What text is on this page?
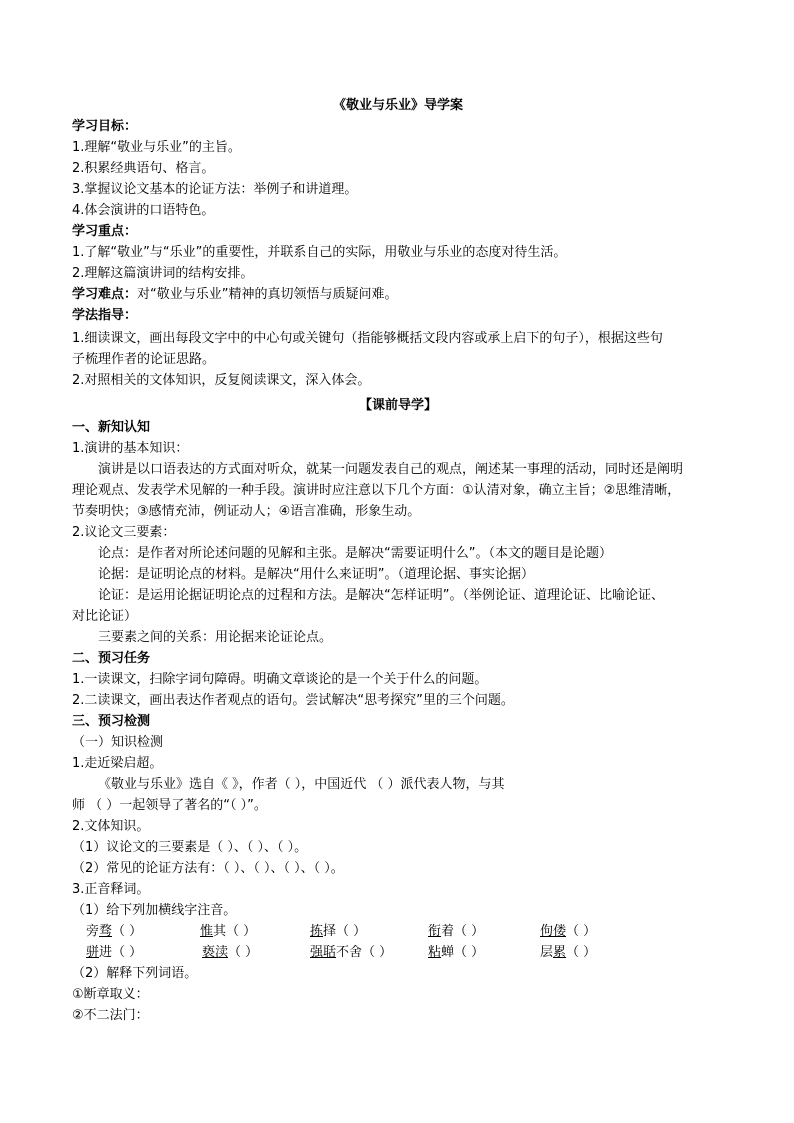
《敬业与乐业》导学案
学习目标：
1.理解“敬业与乐业”的主旨。
2.积累经典语句、格言。
3.掌握议论文基本的论证方法：举例子和讲道理。
4.体会演讲的口语特色。
学习重点：
1.了解“敬业”与“乐业”的重要性，并联系自己的实际，用敬业与乐业的态度对待生活。
2.理解这篇演讲词的结构安排。
学习难点：对“敬业与乐业”精神的真切领悟与质疑问难。
学法指导：
1.细读课文，画出每段文字中的中心句或关键句（指能够概括文段内容或承上启下的句子），根据这些句
子梳理作者的论证思路。
2.对照相关的文体知识，反复阅读课文，深入体会。
【课前导学】
一、新知认知
1.演讲的基本知识：
演讲是以口语表达的方式面对听众，就某一问题发表自己的观点，阐述某一事理的活动，同时还是阐明
理论观点、发表学术见解的一种手段。演讲时应注意以下几个方面：①认清对象，确立主旨；②思维清晰，
节奏明快；③感情充沛，例证动人；④语言准确，形象生动。
2.议论文三要素：
论点：是作者对所论述问题的见解和主张。是解决“需要证明什么”。（本文的题目是论题）
论据：是证明论点的材料。是解决“用什么来证明”。（道理论据、事实论据）
论证：是运用论据证明论点的过程和方法。是解决“怎样证明”。（举例论证、道理论证、比喻论证、
对比论证）
三要素之间的关系：用论据来论证论点。
二、预习任务
1.一读课文，扫除字词句障碍。明确文章谈论的是一个关于什么的问题。
2.二读课文，画出表达作者观点的语句。尝试解决“思考探究”里的三个问题。
三、预习检测
（一）知识检测
1.走近梁启超。
《敬业与乐业》选自《 》，作者（ ），中国近代 （ ）派代表人物，与其
师 （ ）一起领导了著名的“（ ）”。
2.文体知识。
（1）议论文的三要素是（ ）、（ ）、（ ）。
（2）常见的论证方法有：（ ）、（ ）、（ ）、（ ）。
3.正音释词。
（1）给下列加横线字注音。
旁骛（ ）	惟其（ ）	拣择（ ）	衔着（ ）	佝偻（ ）
骈进（ ）	亵渎（ ）	强聒不舍（ ）	粘蝉（ ）	层累（ ）
（2）解释下列词语。
①断章取义：
②不二法门：
